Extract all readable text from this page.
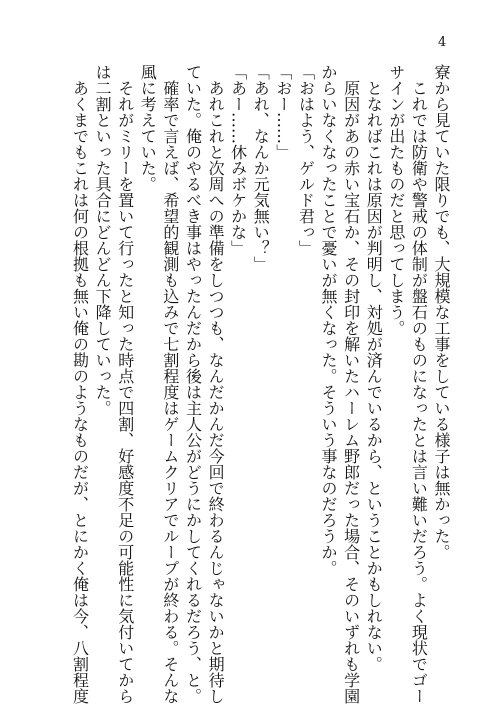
4
寮から見ていた限りでも、大規模な工事をしている様子は無かった。
　これでは防衛や警戒の体制が盤石のものになったとは言い難いだろう。よく現状でゴー
サインが出たものだと思ってしまう。
　となればこれは原因が判明し、対処が済んでいるから、ということかもしれない。
　原因があの赤い宝石か、その封印を解いたハーレム野郎だった場合、そのいずれも学園
からいなくなったことで憂いが無くなった。そういう事なのだろうか。
「おはよう、ゲルド君っ」
「おー……」
「あれ、なんか元気無い？」
「あー……休みボケかな」
　あれこれと次周への準備をしつつも、なんだかんだ今回で終わるんじゃないかと期待し
ていた。俺のやるべき事はやったんだから後は主人公がどうにかしてくれるだろう、と。
　確率で言えば、希望的観測も込みで七割程度はゲームクリアでループが終わる。そんな
風に考えていた。
　それがミリーを置いて行ったと知った時点で四割、好感度不足の可能性に気付いてから
は二割といった具合にどんどん下降していった。
　あくまでもこれは何の根拠も無い俺の勘のようなものだが、とにかく俺は今、八割程度
